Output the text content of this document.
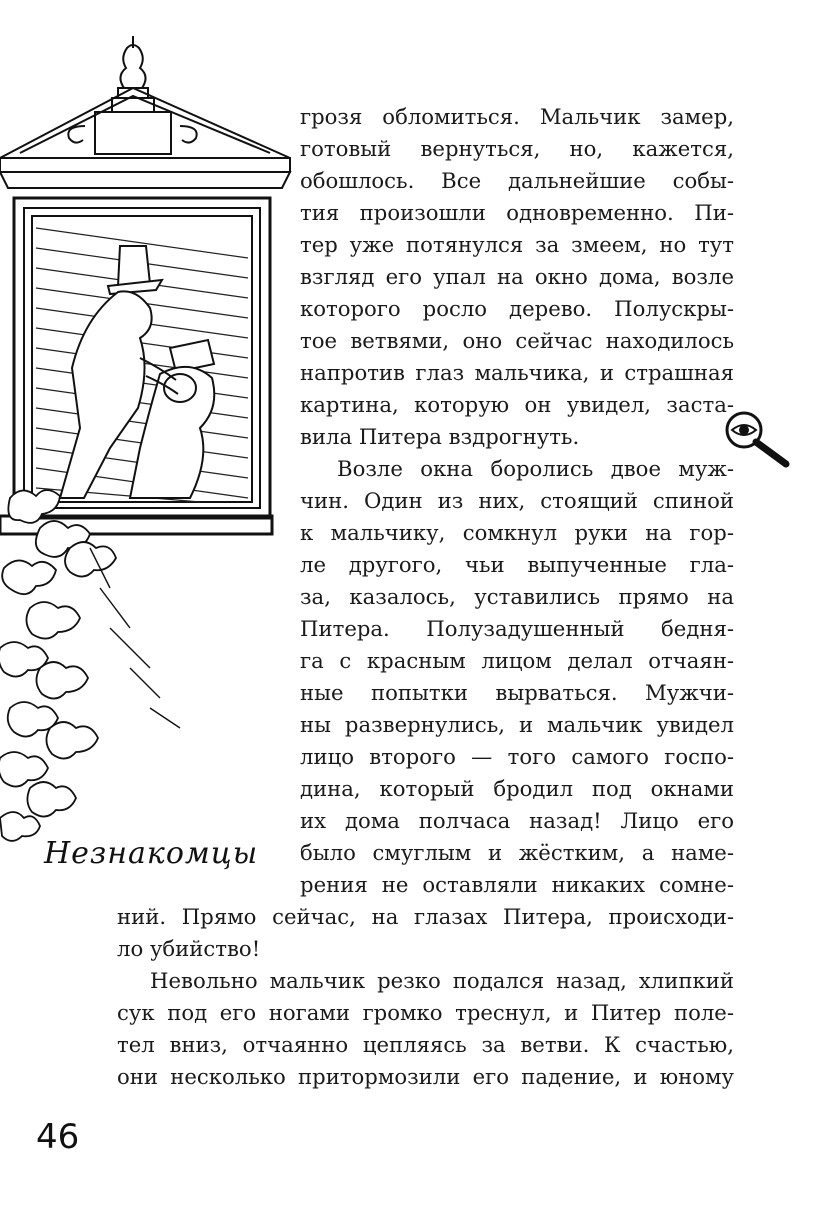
Незнакомцы
грозя обломиться. Мальчик замер,
готовый вернуться, но, кажется,
обошлось. Все дальнейшие собы-
тия произошли одновременно. Пи-
тер уже потянулся за змеем, но тут
взгляд его упал на окно дома, возле
которого росло дерево. Полускры-
тое ветвями, оно сейчас находилось
напротив глаз мальчика, и страшная
картина, которую он увидел, заста-
вила Питера вздрогнуть.
Возле окна боролись двое муж-
чин. Один из них, стоящий спиной
к мальчику, сомкнул руки на гор-
ле другого, чьи выпученные гла-
за, казалось, уставились прямо на
Питера. Полузадушенный бедня-
га с красным лицом делал отчаян-
ные попытки вырваться. Мужчи-
ны развернулись, и мальчик увидел
лицо второго — того самого госпо-
дина, который бродил под окнами
их дома полчаса назад! Лицо его
было смуглым и жёстким, а наме-
рения не оставляли никаких сомне-
ний. Прямо сейчас, на глазах Питера, происходи-
ло убийство!
Невольно мальчик резко подался назад, хлипкий
сук под его ногами громко треснул, и Питер поле-
тел вниз, отчаянно цепляясь за ветви. К счастью,
они несколько притормозили его падение, и юному
46
